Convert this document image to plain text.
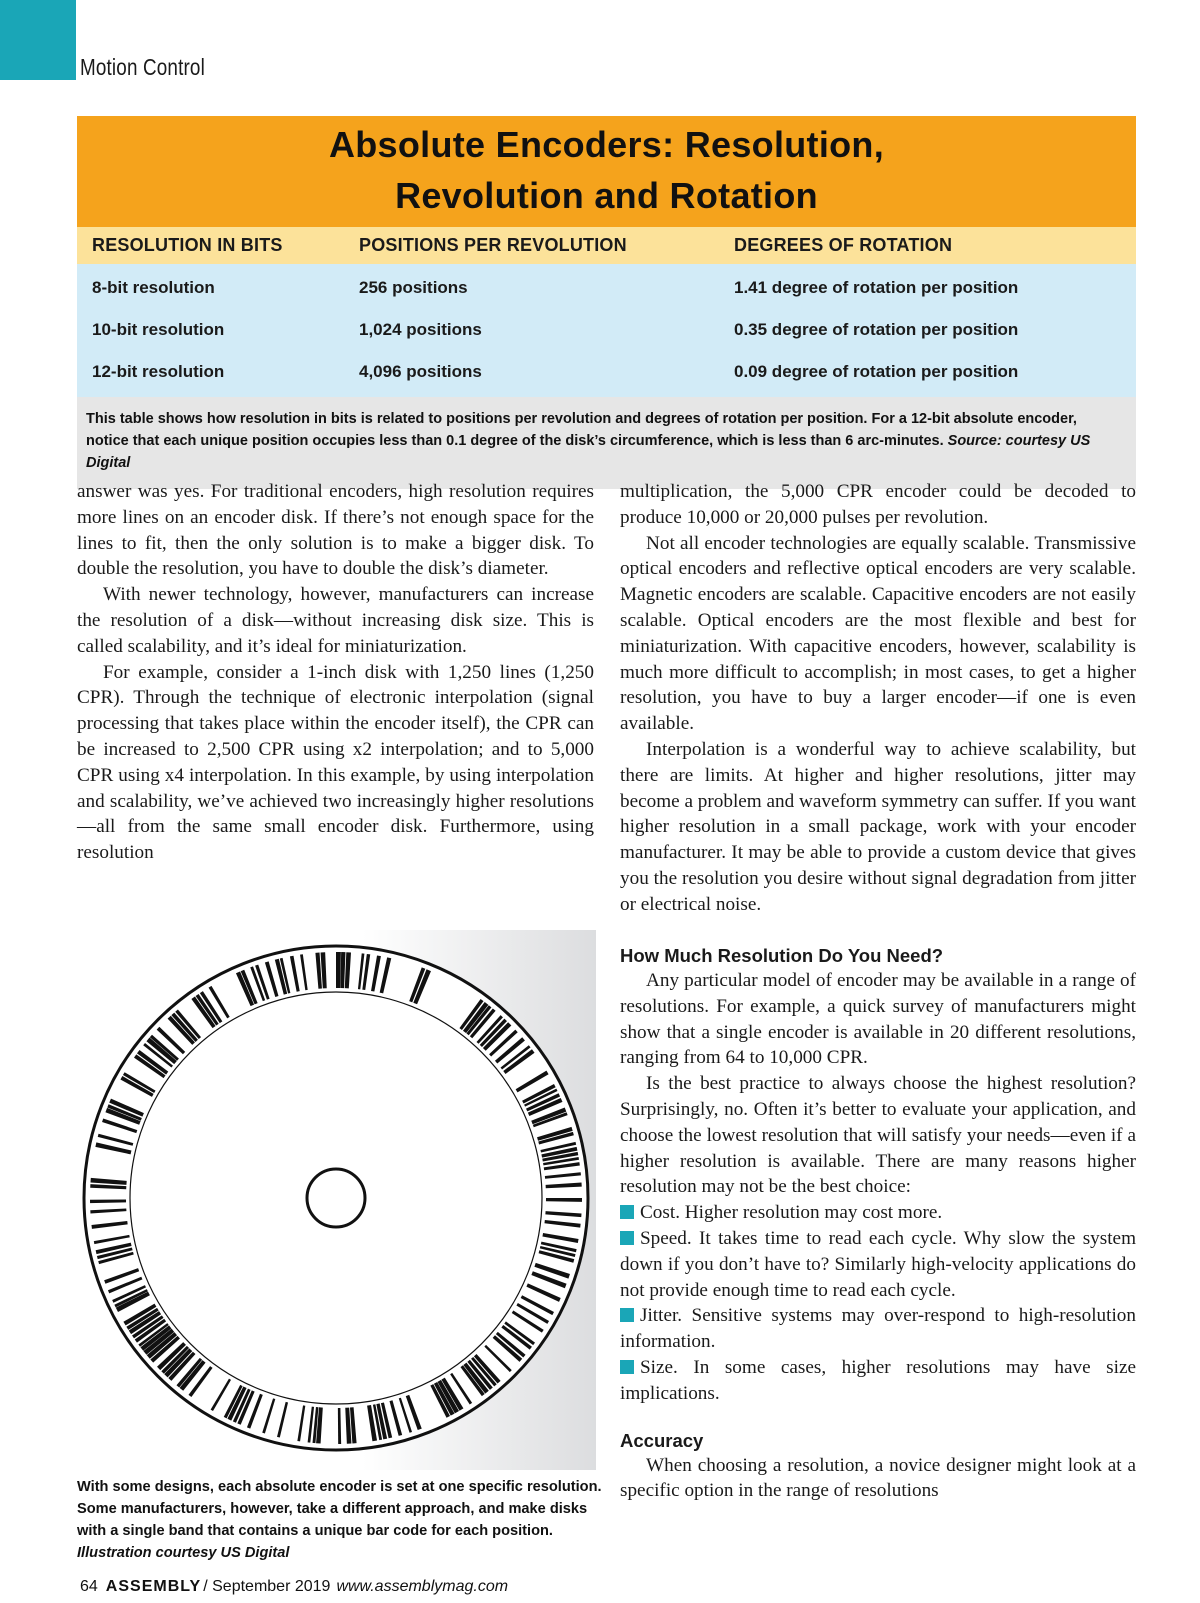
Motion Control
Absolute Encoders: Resolution,
Revolution and Rotation
RESOLUTION IN BITS	POSITIONS PER REVOLUTION	DEGREES OF ROTATION
8-bit resolution	256 positions	1.41 degree of rotation per position
10-bit resolution	1,024 positions	0.35 degree of rotation per position
12-bit resolution	4,096 positions	0.09 degree of rotation per position
This table shows how resolution in bits is related to positions per revolution and degrees of rotation per position. For a 12-bit absolute encoder, notice that each unique position occupies less than 0.1 degree of the disk’s circumference, which is less than 6 arc-minutes. Source: courtesy US Digital

answer was yes. For traditional encoders, high resolution requires more lines on an encoder disk. If there’s not enough space for the lines to fit, then the only solution is to make a bigger disk. To double the resolution, you have to double the disk’s diameter.

With newer technology, however, manufacturers can increase the resolution of a disk—without increasing disk size. This is called scalability, and it’s ideal for miniaturization.

For example, consider a 1-inch disk with 1,250 lines (1,250 CPR). Through the technique of electronic interpolation (signal processing that takes place within the encoder itself), the CPR can be increased to 2,500 CPR using x2 interpolation; and to 5,000 CPR using x4 interpolation. In this example, by using interpolation and scalability, we’ve achieved two increasingly higher resolutions—all from the same small encoder disk. Furthermore, using resolution

multiplication, the 5,000 CPR encoder could be decoded to produce 10,000 or 20,000 pulses per revolution.

Not all encoder technologies are equally scalable. Transmissive optical encoders and reflective optical encoders are very scalable. Magnetic encoders are scalable. Capacitive encoders are not easily scalable. Optical encoders are the most flexible and best for miniaturization. With capacitive encoders, however, scalability is much more difficult to accomplish; in most cases, to get a higher resolution, you have to buy a larger encoder—if one is even available.

Interpolation is a wonderful way to achieve scalability, but there are limits. At higher and higher resolutions, jitter may become a problem and waveform symmetry can suffer. If you want higher resolution in a small package, work with your encoder manufacturer. It may be able to provide a custom device that gives you the resolution you desire without signal degradation from jitter or electrical noise.

How Much Resolution Do You Need?

Any particular model of encoder may be available in a range of resolutions. For example, a quick survey of manufacturers might show that a single encoder is available in 20 different resolutions, ranging from 64 to 10,000 CPR.

Is the best practice to always choose the highest resolution? Surprisingly, no. Often it’s better to evaluate your application, and choose the lowest resolution that will satisfy your needs—even if a higher resolution is available. There are many reasons higher resolution may not be the best choice:

Cost. Higher resolution may cost more.

Speed. It takes time to read each cycle. Why slow the system down if you don’t have to? Similarly high-velocity applications do not provide enough time to read each cycle.

Jitter. Sensitive systems may over-respond to high-resolution information.

Size. In some cases, higher resolutions may have size implications.

Accuracy

When choosing a resolution, a novice designer might look at a specific option in the range of resolutions

With some designs, each absolute encoder is set at one specific resolution. Some manufacturers, however, take a different approach, and make disks with a single band that contains a unique bar code for each position. Illustration courtesy US Digital
64 ASSEMBLY / September 2019 www.assemblymag.com
